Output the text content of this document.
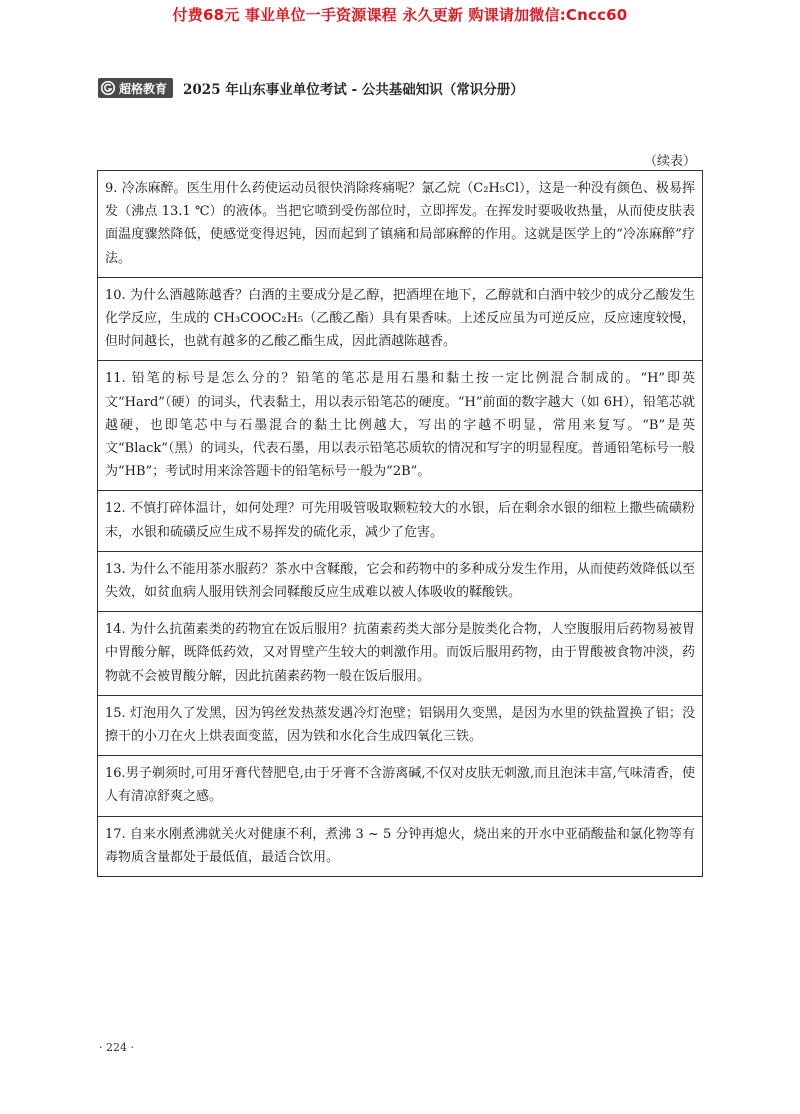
付费68元 事业单位一手资源课程 永久更新 购课请加微信:Cncc60
超格教育 2025 年山东事业单位考试 - 公共基础知识（常识分册）
（续表）
9. 冷冻麻醉。医生用什么药使运动员很快消除疼痛呢？氯乙烷（C₂H₅Cl），这是一种没有颜色、极易挥发（沸点 13.1 ℃）的液体。当把它喷到受伤部位时，立即挥发。在挥发时要吸收热量，从而使皮肤表面温度骤然降低，使感觉变得迟钝，因而起到了镇痛和局部麻醉的作用。这就是医学上的“冷冻麻醉”疗法。
10. 为什么酒越陈越香？白酒的主要成分是乙醇，把酒埋在地下，乙醇就和白酒中较少的成分乙酸发生化学反应，生成的 CH₃COOC₂H₅（乙酸乙酯）具有果香味。上述反应虽为可逆反应，反应速度较慢，但时间越长，也就有越多的乙酸乙酯生成，因此酒越陈越香。
11. 铅笔的标号是怎么分的？铅笔的笔芯是用石墨和黏土按一定比例混合制成的。“H”即英文“Hard”（硬）的词头，代表黏土，用以表示铅笔芯的硬度。“H”前面的数字越大（如 6H），铅笔芯就越硬，也即笔芯中与石墨混合的黏土比例越大，写出的字越不明显，常用来复写。“B”是英文“Black”（黑）的词头，代表石墨，用以表示铅笔芯质软的情况和写字的明显程度。普通铅笔标号一般为“HB”；考试时用来涂答题卡的铅笔标号一般为“2B”。
12. 不慎打碎体温计，如何处理？可先用吸管吸取颗粒较大的水银，后在剩余水银的细粒上撒些硫磺粉末，水银和硫磺反应生成不易挥发的硫化汞，减少了危害。
13. 为什么不能用茶水服药？茶水中含鞣酸，它会和药物中的多种成分发生作用，从而使药效降低以至失效，如贫血病人服用铁剂会同鞣酸反应生成难以被人体吸收的鞣酸铁。
14. 为什么抗菌素类的药物宜在饭后服用？抗菌素药类大部分是胺类化合物，人空腹服用后药物易被胃中胃酸分解，既降低药效，又对胃壁产生较大的刺激作用。而饭后服用药物，由于胃酸被食物冲淡，药物就不会被胃酸分解，因此抗菌素药物一般在饭后服用。
15. 灯泡用久了发黑，因为钨丝发热蒸发遇冷灯泡壁；铝锅用久变黑，是因为水里的铁盐置换了铝；没擦干的小刀在火上烘表面变蓝，因为铁和水化合生成四氧化三铁。
16.男子剃须时,可用牙膏代替肥皂,由于牙膏不含游离碱,不仅对皮肤无刺激,而且泡沫丰富,气味清香，使人有清凉舒爽之感。
17. 自来水刚煮沸就关火对健康不利，煮沸 3 ~ 5 分钟再熄火，烧出来的开水中亚硝酸盐和氯化物等有毒物质含量都处于最低值，最适合饮用。
· 224 ·
